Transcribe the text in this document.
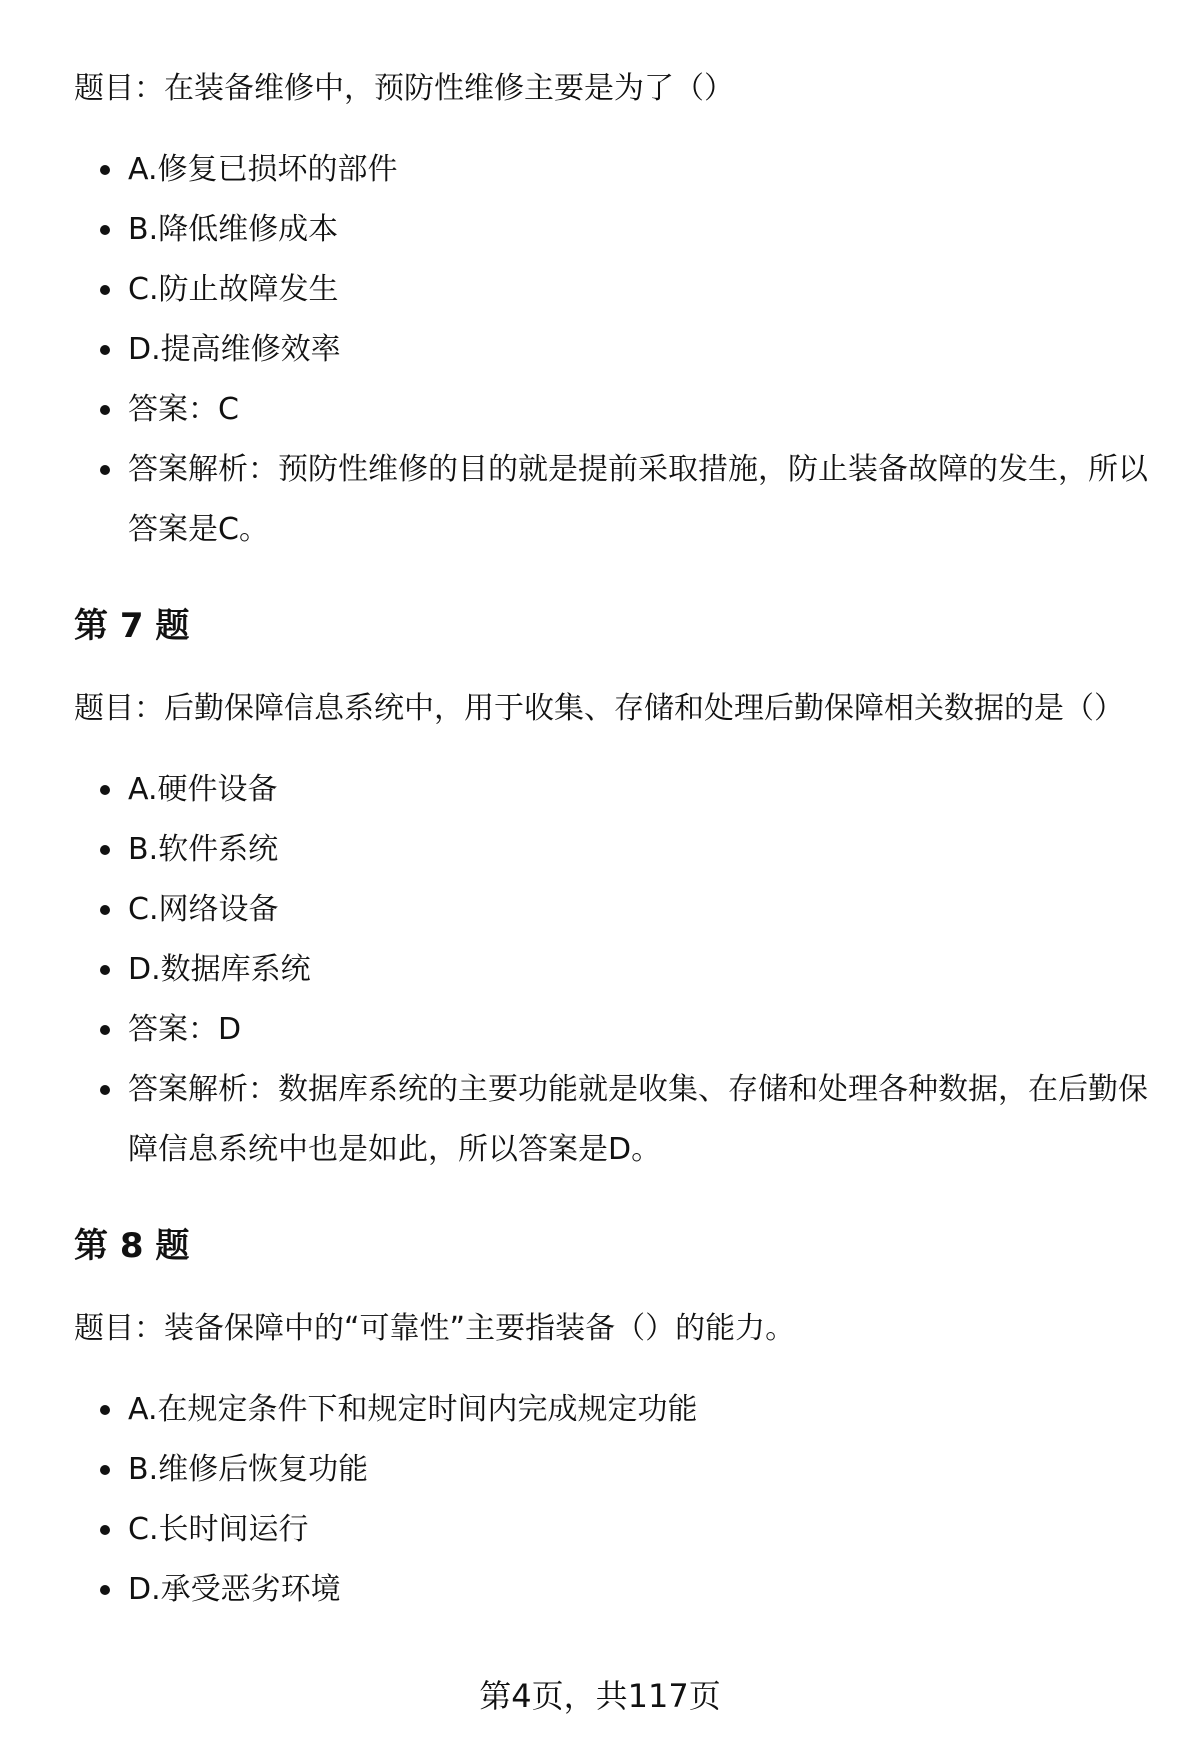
题目：在装备维修中，预防性维修主要是为了（）

A.修复已损坏的部件
B.降低维修成本
C.防止故障发生
D.提高维修效率
答案：C
答案解析：预防性维修的目的就是提前采取措施，防止装备故障的发生，所以答案是C。
第 7 题

题目：后勤保障信息系统中，用于收集、存储和处理后勤保障相关数据的是（）

A.硬件设备
B.软件系统
C.网络设备
D.数据库系统
答案：D
答案解析：数据库系统的主要功能就是收集、存储和处理各种数据，在后勤保障信息系统中也是如此，所以答案是D。
第 8 题

题目：装备保障中的“可靠性”主要指装备（）的能力。

A.在规定条件下和规定时间内完成规定功能
B.维修后恢复功能
C.长时间运行
D.承受恶劣环境
第4页，共117页
